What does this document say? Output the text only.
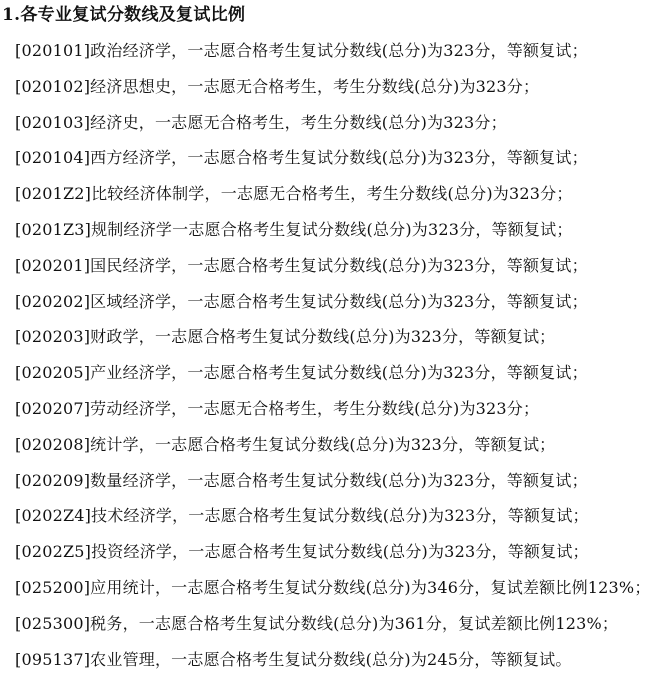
1.各专业复试分数线及复试比例
[020101]政治经济学，一志愿合格考生复试分数线(总分)为323分，等额复试；
[020102]经济思想史，一志愿无合格考生，考生分数线(总分)为323分；
[020103]经济史，一志愿无合格考生，考生分数线(总分)为323分；
[020104]西方经济学，一志愿合格考生复试分数线(总分)为323分，等额复试；
[0201Z2]比较经济体制学，一志愿无合格考生，考生分数线(总分)为323分；
[0201Z3]规制经济学一志愿合格考生复试分数线(总分)为323分，等额复试；
[020201]国民经济学，一志愿合格考生复试分数线(总分)为323分，等额复试；
[020202]区域经济学，一志愿合格考生复试分数线(总分)为323分，等额复试；
[020203]财政学，一志愿合格考生复试分数线(总分)为323分，等额复试；
[020205]产业经济学，一志愿合格考生复试分数线(总分)为323分，等额复试；
[020207]劳动经济学，一志愿无合格考生，考生分数线(总分)为323分；
[020208]统计学，一志愿合格考生复试分数线(总分)为323分，等额复试；
[020209]数量经济学，一志愿合格考生复试分数线(总分)为323分，等额复试；
[0202Z4]技术经济学，一志愿合格考生复试分数线(总分)为323分，等额复试；
[0202Z5]投资经济学，一志愿合格考生复试分数线(总分)为323分，等额复试；
[025200]应用统计，一志愿合格考生复试分数线(总分)为346分，复试差额比例123%；
[025300]税务，一志愿合格考生复试分数线(总分)为361分，复试差额比例123%；
[095137]农业管理，一志愿合格考生复试分数线(总分)为245分，等额复试。
